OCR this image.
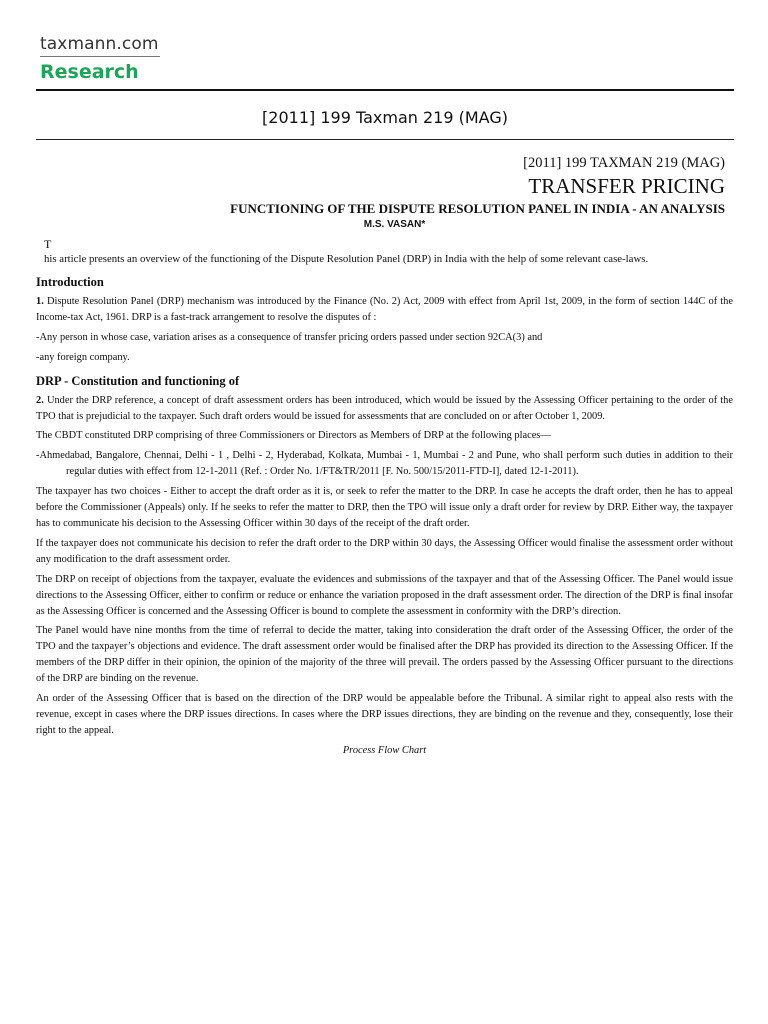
taxmann.com
Research
[2011] 199 Taxman 219 (MAG)
[2011] 199 TAXMAN 219 (MAG)
TRANSFER PRICING
FUNCTIONING OF THE DISPUTE RESOLUTION PANEL IN INDIA - AN ANALYSIS
M.S. VASAN*
T
his article presents an overview of the functioning of the Dispute Resolution Panel (DRP) in India with the help of some relevant case-laws.
Introduction

1. Dispute Resolution Panel (DRP) mechanism was introduced by the Finance (No. 2) Act, 2009 with effect from April 1st, 2009, in the form of section 144C of the Income-tax Act, 1961. DRP is a fast-track arrangement to resolve the disputes of :

-Any person in whose case, variation arises as a consequence of transfer pricing orders passed under section 92CA(3) and

-any foreign company.

DRP - Constitution and functioning of

2. Under the DRP reference, a concept of draft assessment orders has been introduced, which would be issued by the Assessing Officer pertaining to the order of the TPO that is prejudicial to the taxpayer. Such draft orders would be issued for assessments that are concluded on or after October 1, 2009.

The CBDT constituted DRP comprising of three Commissioners or Directors as Members of DRP at the following places—

-Ahmedabad, Bangalore, Chennai, Delhi - 1 , Delhi - 2, Hyderabad, Kolkata, Mumbai - 1, Mumbai - 2 and Pune, who shall perform such duties in addition to their regular duties with effect from 12-1-2011 (Ref. : Order No. 1/FT&TR/2011 [F. No. 500/15/2011-FTD-I], dated 12-1-2011).

The taxpayer has two choices - Either to accept the draft order as it is, or seek to refer the matter to the DRP. In case he accepts the draft order, then he has to appeal before the Commissioner (Appeals) only. If he seeks to refer the matter to DRP, then the TPO will issue only a draft order for review by DRP. Either way, the taxpayer has to communicate his decision to the Assessing Officer within 30 days of the receipt of the draft order.

If the taxpayer does not communicate his decision to refer the draft order to the DRP within 30 days, the Assessing Officer would finalise the assessment order without any modification to the draft assessment order.

The DRP on receipt of objections from the taxpayer, evaluate the evidences and submissions of the taxpayer and that of the Assessing Officer. The Panel would issue directions to the Assessing Officer, either to confirm or reduce or enhance the variation proposed in the draft assessment order. The direction of the DRP is final insofar as the Assessing Officer is concerned and the Assessing Officer is bound to complete the assessment in conformity with the DRP’s direction.

The Panel would have nine months from the time of referral to decide the matter, taking into consideration the draft order of the Assessing Officer, the order of the TPO and the taxpayer’s objections and evidence. The draft assessment order would be finalised after the DRP has provided its direction to the Assessing Officer. If the members of the DRP differ in their opinion, the opinion of the majority of the three will prevail. The orders passed by the Assessing Officer pursuant to the directions of the DRP are binding on the revenue.

An order of the Assessing Officer that is based on the direction of the DRP would be appealable before the Tribunal. A similar right to appeal also rests with the revenue, except in cases where the DRP issues directions. In cases where the DRP issues directions, they are binding on the revenue and they, consequently, lose their right to the appeal.

Process Flow Chart
